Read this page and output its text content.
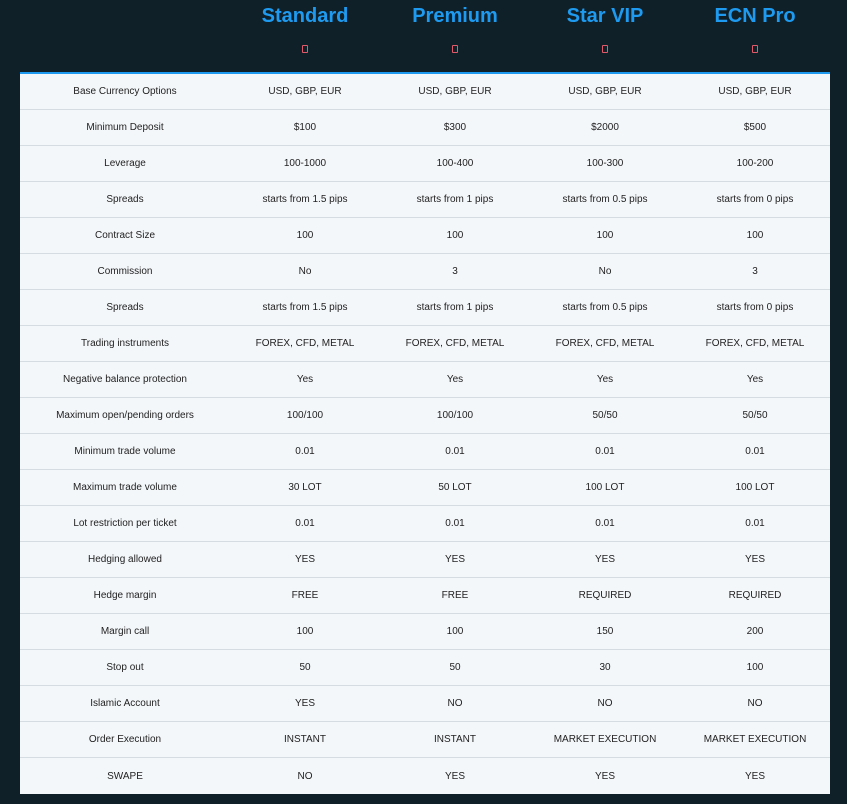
Standard	Premium	Star VIP	ECN Pro
Base Currency Options	USD, GBP, EUR	USD, GBP, EUR	USD, GBP, EUR	USD, GBP, EUR
Minimum Deposit	$100	$300	$2000	$500
Leverage	100-1000	100-400	100-300	100-200
Spreads	starts from 1.5 pips	starts from 1 pips	starts from 0.5 pips	starts from 0 pips
Contract Size	100	100	100	100
Commission	No	3	No	3
Spreads	starts from 1.5 pips	starts from 1 pips	starts from 0.5 pips	starts from 0 pips
Trading instruments	FOREX, CFD, METAL	FOREX, CFD, METAL	FOREX, CFD, METAL	FOREX, CFD, METAL
Negative balance protection	Yes	Yes	Yes	Yes
Maximum open/pending orders	100/100	100/100	50/50	50/50
Minimum trade volume	0.01	0.01	0.01	0.01
Maximum trade volume	30 LOT	50 LOT	100 LOT	100 LOT
Lot restriction per ticket	0.01	0.01	0.01	0.01
Hedging allowed	YES	YES	YES	YES
Hedge margin	FREE	FREE	REQUIRED	REQUIRED
Margin call	100	100	150	200
Stop out	50	50	30	100
Islamic Account	YES	NO	NO	NO
Order Execution	INSTANT	INSTANT	MARKET EXECUTION	MARKET EXECUTION
SWAPE	NO	YES	YES	YES
